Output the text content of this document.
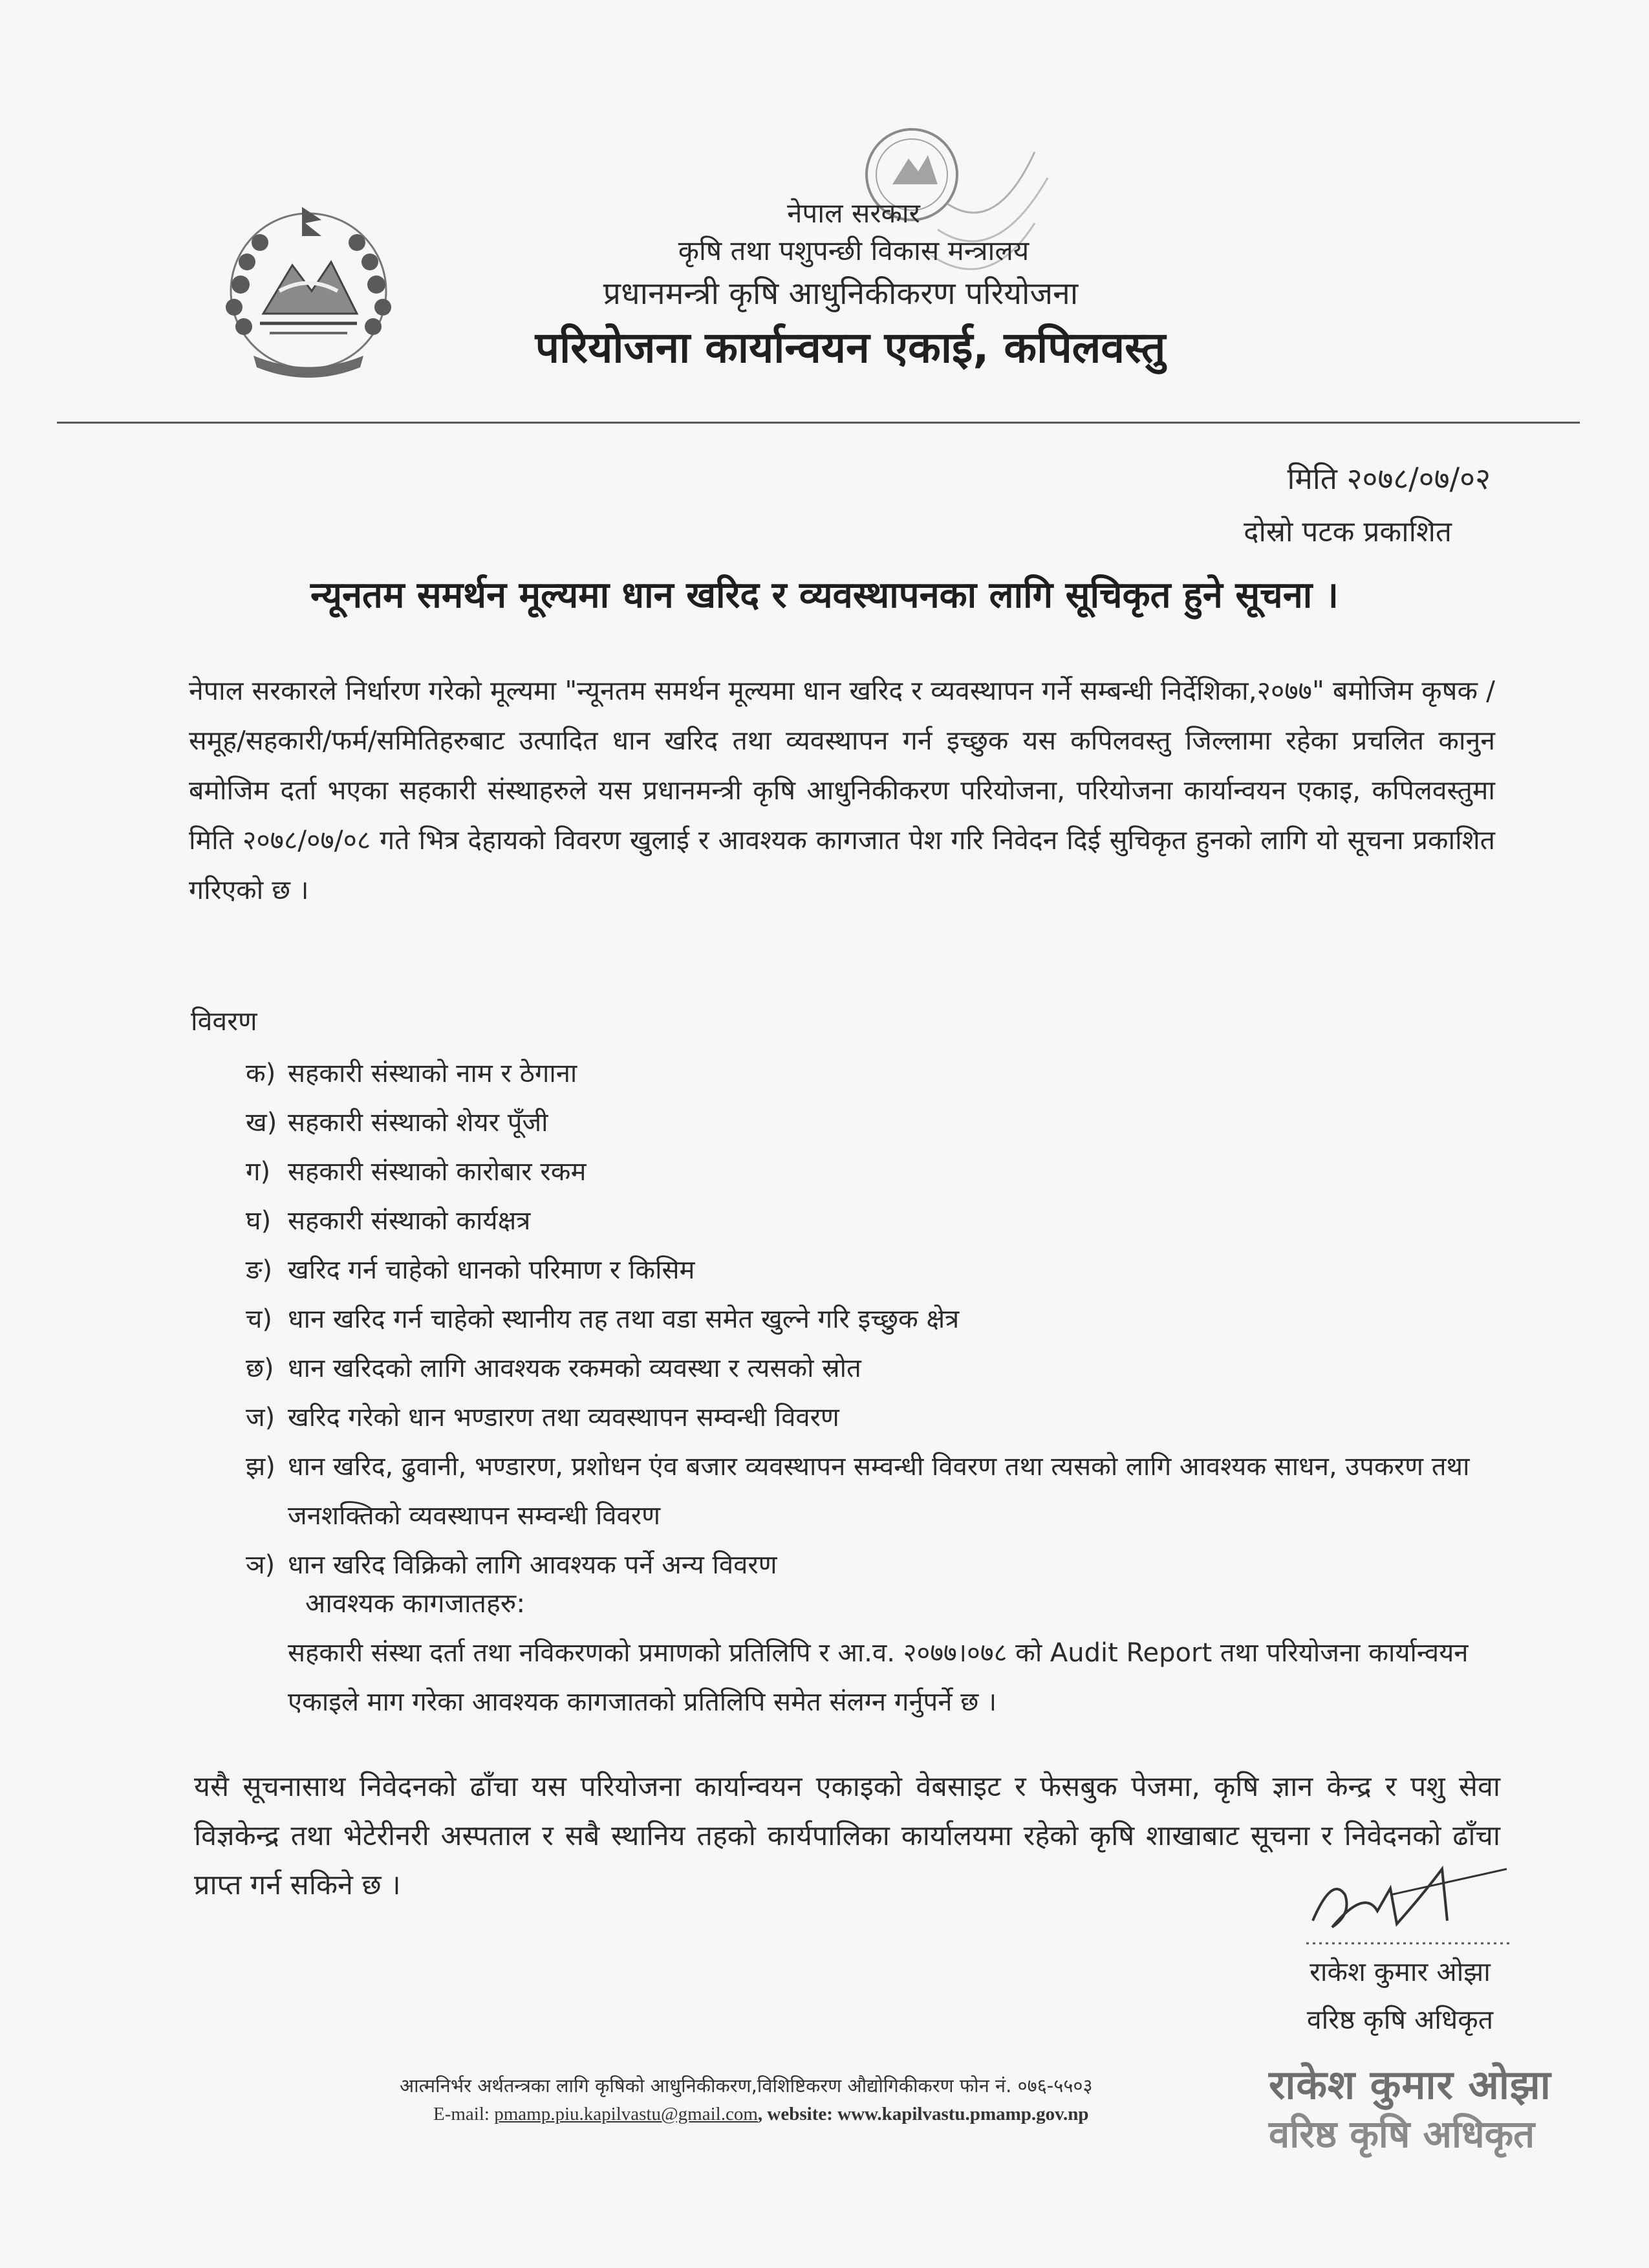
नेपाल सरकार
कृषि तथा पशुपन्छी विकास मन्त्रालय
प्रधानमन्त्री कृषि आधुनिकीकरण परियोजना
परियोजना कार्यान्वयन एकाई, कपिलवस्तु
मिति २०७८/०७/०२
दोस्रो पटक प्रकाशित
न्यूनतम समर्थन मूल्यमा धान खरिद र व्यवस्थापनका लागि सूचिकृत हुने सूचना ।
नेपाल सरकारले निर्धारण गरेको मूल्यमा "न्यूनतम समर्थन मूल्यमा धान खरिद र व्यवस्थापन गर्ने सम्बन्धी निर्देशिका,२०७७" बमोजिम कृषक / समूह/सहकारी/फर्म/समितिहरुबाट उत्पादित धान खरिद तथा व्यवस्थापन गर्न इच्छुक यस कपिलवस्तु जिल्लामा रहेका प्रचलित कानुन बमोजिम दर्ता भएका सहकारी संस्थाहरुले यस प्रधानमन्त्री कृषि आधुनिकीकरण परियोजना, परियोजना कार्यान्वयन एकाइ, कपिलवस्तुमा मिति २०७८/०७/०८ गते भित्र देहायको विवरण खुलाई र आवश्यक कागजात पेश गरि निवेदन दिई सुचिकृत हुनको लागि यो सूचना प्रकाशित गरिएको छ ।
विवरण
क) सहकारी संस्थाको नाम र ठेगाना
ख) सहकारी संस्थाको शेयर पूँजी
ग) सहकारी संस्थाको कारोबार रकम
घ) सहकारी संस्थाको कार्यक्षत्र
ङ) खरिद गर्न चाहेको धानको परिमाण र किसिम
च) धान खरिद गर्न चाहेको स्थानीय तह तथा वडा समेत खुल्ने गरि इच्छुक क्षेत्र
छ) धान खरिदको लागि आवश्यक रकमको व्यवस्था र त्यसको स्रोत
ज) खरिद गरेको धान भण्डारण तथा व्यवस्थापन सम्वन्धी विवरण
झ) धान खरिद, ढुवानी, भण्डारण, प्रशोधन एंव बजार व्यवस्थापन सम्वन्धी विवरण तथा त्यसको लागि आवश्यक साधन, उपकरण तथा जनशक्तिको व्यवस्थापन सम्वन्धी विवरण
ञ) धान खरिद विक्रिको लागि आवश्यक पर्ने अन्य विवरण
आवश्यक कागजातहरु:
सहकारी संस्था दर्ता तथा नविकरणको प्रमाणको प्रतिलिपि र आ.व. २०७७।०७८ को Audit Report तथा परियोजना कार्यान्वयन एकाइले माग गरेका आवश्यक कागजातको प्रतिलिपि समेत संलग्न गर्नुपर्ने छ ।
यसै सूचनासाथ निवेदनको ढाँचा यस परियोजना कार्यान्वयन एकाइको वेबसाइट र फेसबुक पेजमा, कृषि ज्ञान केन्द्र र पशु सेवा विज्ञकेन्द्र तथा भेटेरीनरी अस्पताल र सबै स्थानिय तहको कार्यपालिका कार्यालयमा रहेको कृषि शाखाबाट सूचना र निवेदनको ढाँचा प्राप्त गर्न सकिने छ ।
राकेश कुमार ओझा
वरिष्ठ कृषि अधिकृत
आत्मनिर्भर अर्थतन्त्रका लागि कृषिको आधुनिकीकरण,विशिष्टिकरण औद्योगिकीकरण फोन नं. ०७६-५५०३
E-mail: pmamp.piu.kapilvastu@gmail.com, website: www.kapilvastu.pmamp.gov.np
राकेश कुमार ओझा
वरिष्ठ कृषि अधिकृत
